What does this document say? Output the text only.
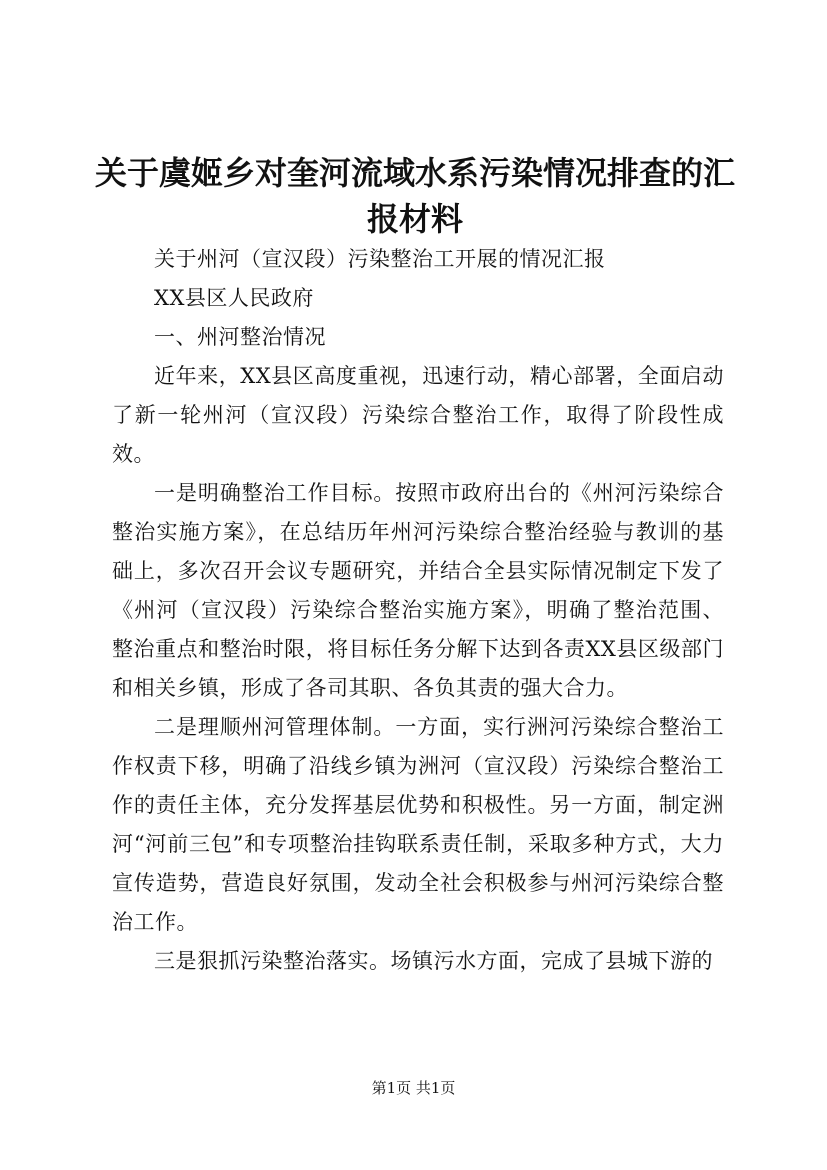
关于虞姬乡对奎河流域水系污染情况排查的汇报材料

关于州河（宣汉段）污染整治工开展的情况汇报

XX县区人民政府

一、州河整治情况

近年来，XX县区高度重视，迅速行动，精心部署，全面启动了新一轮州河（宣汉段）污染综合整治工作，取得了阶段性成效。

一是明确整治工作目标。按照市政府出台的《州河污染综合整治实施方案》，在总结历年州河污染综合整治经验与教训的基础上，多次召开会议专题研究，并结合全县实际情况制定下发了《州河（宣汉段）污染综合整治实施方案》，明确了整治范围、整治重点和整治时限，将目标任务分解下达到各责XX县区级部门和相关乡镇，形成了各司其职、各负其责的强大合力。

二是理顺州河管理体制。一方面，实行洲河污染综合整治工作权责下移，明确了沿线乡镇为洲河（宣汉段）污染综合整治工作的责任主体，充分发挥基层优势和积极性。另一方面，制定洲河“河前三包”和专项整治挂钩联系责任制，采取多种方式，大力宣传造势，营造良好氛围，发动全社会积极参与州河污染综合整治工作。

三是狠抓污染整治落实。场镇污水方面，完成了县城下游的

第1页 共1页
